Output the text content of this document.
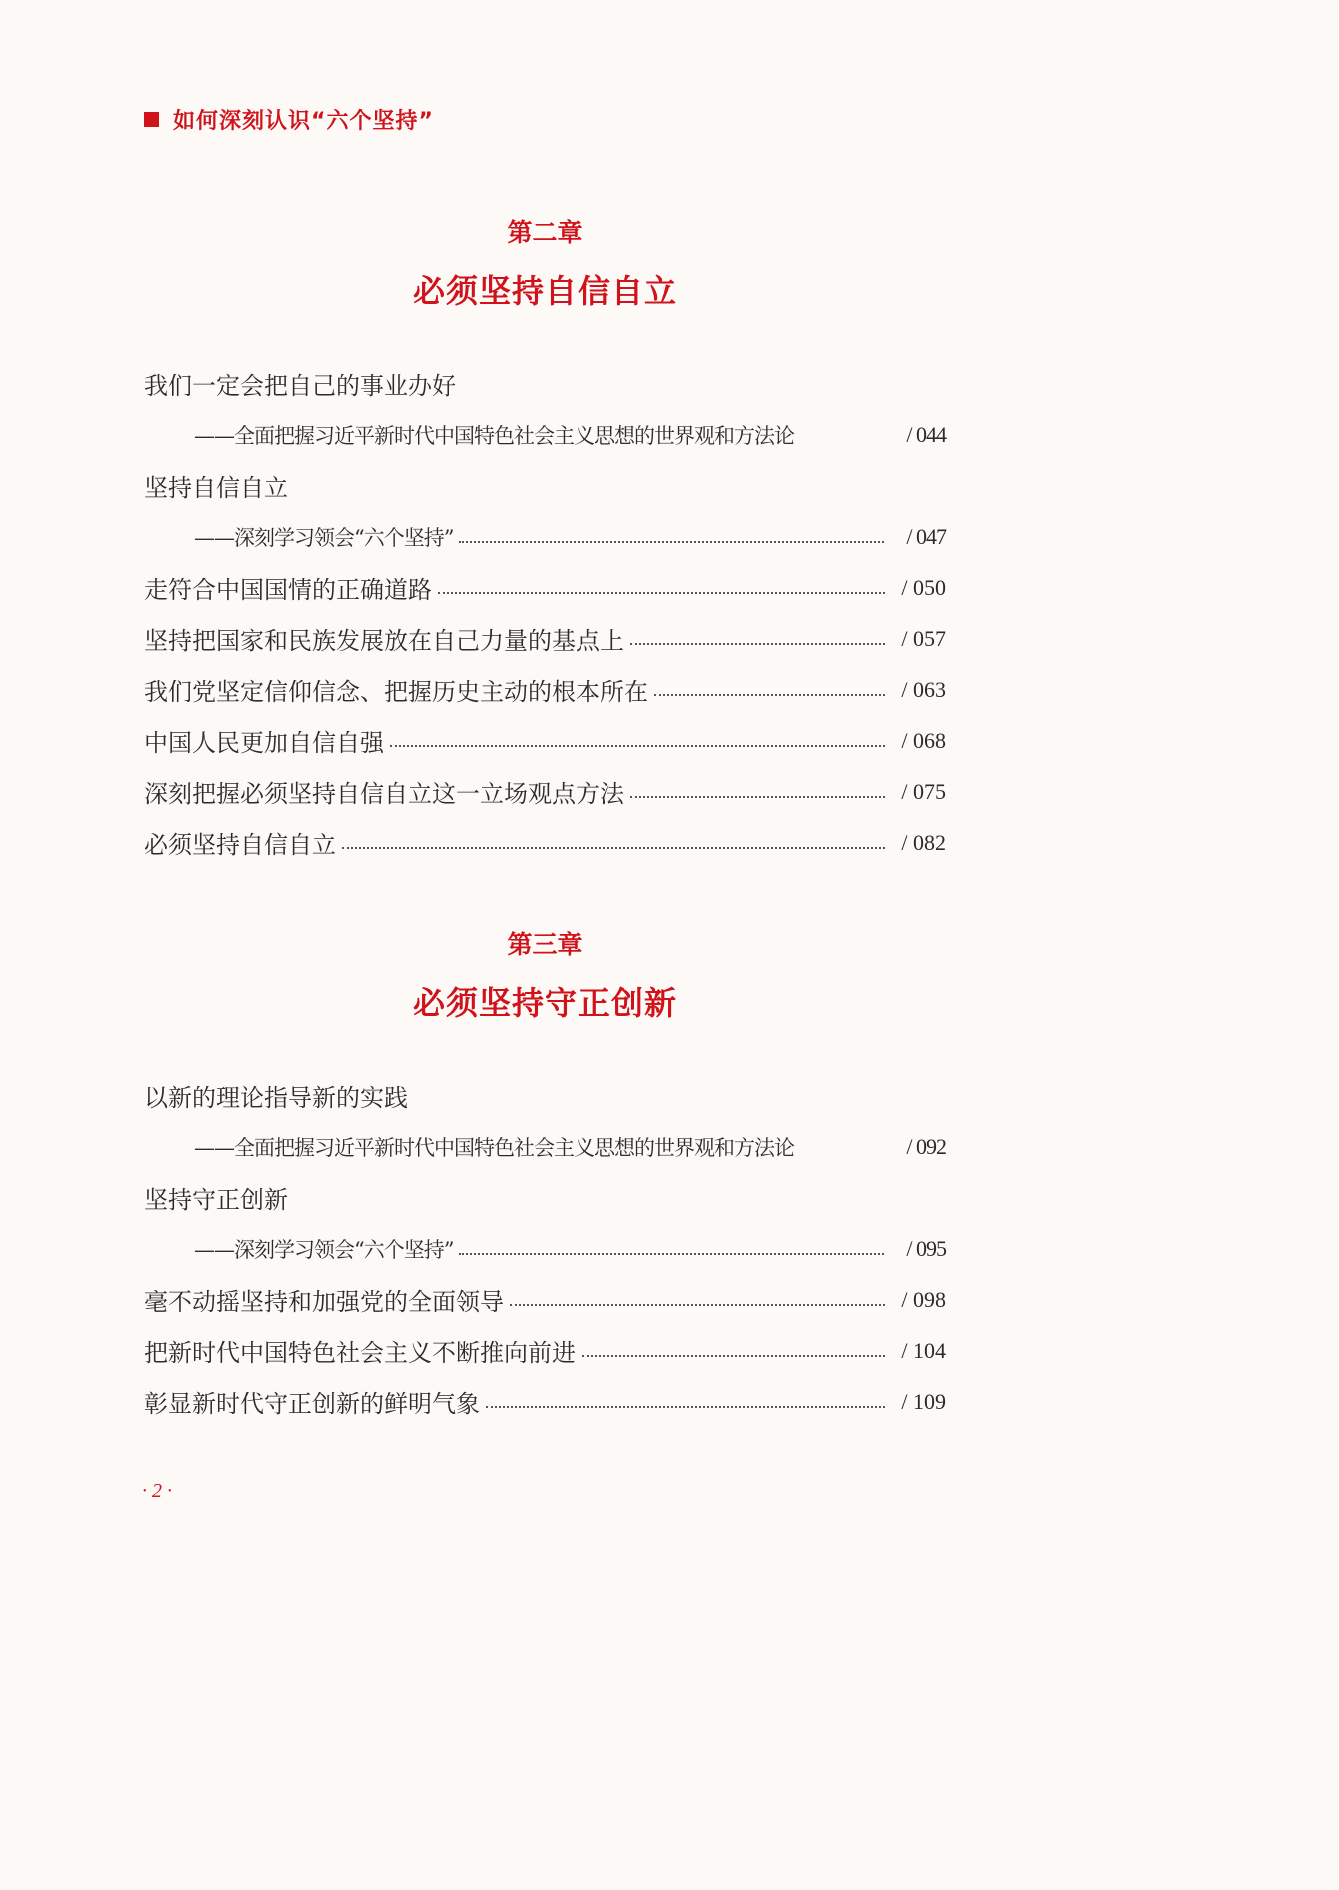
如何深刻认识“六个坚持”
第二章
必须坚持自信自立
我们一定会把自己的事业办好
——全面把握习近平新时代中国特色社会主义思想的世界观和方法论	/ 044
坚持自信自立
——深刻学习领会“六个坚持”	/ 047
走符合中国国情的正确道路	/ 050
坚持把国家和民族发展放在自己力量的基点上	/ 057
我们党坚定信仰信念、把握历史主动的根本所在	/ 063
中国人民更加自信自强	/ 068
深刻把握必须坚持自信自立这一立场观点方法	/ 075
必须坚持自信自立	/ 082
第三章
必须坚持守正创新
以新的理论指导新的实践
——全面把握习近平新时代中国特色社会主义思想的世界观和方法论	/ 092
坚持守正创新
——深刻学习领会“六个坚持”	/ 095
毫不动摇坚持和加强党的全面领导	/ 098
把新时代中国特色社会主义不断推向前进	/ 104
彰显新时代守正创新的鲜明气象	/ 109
· 2 ·
